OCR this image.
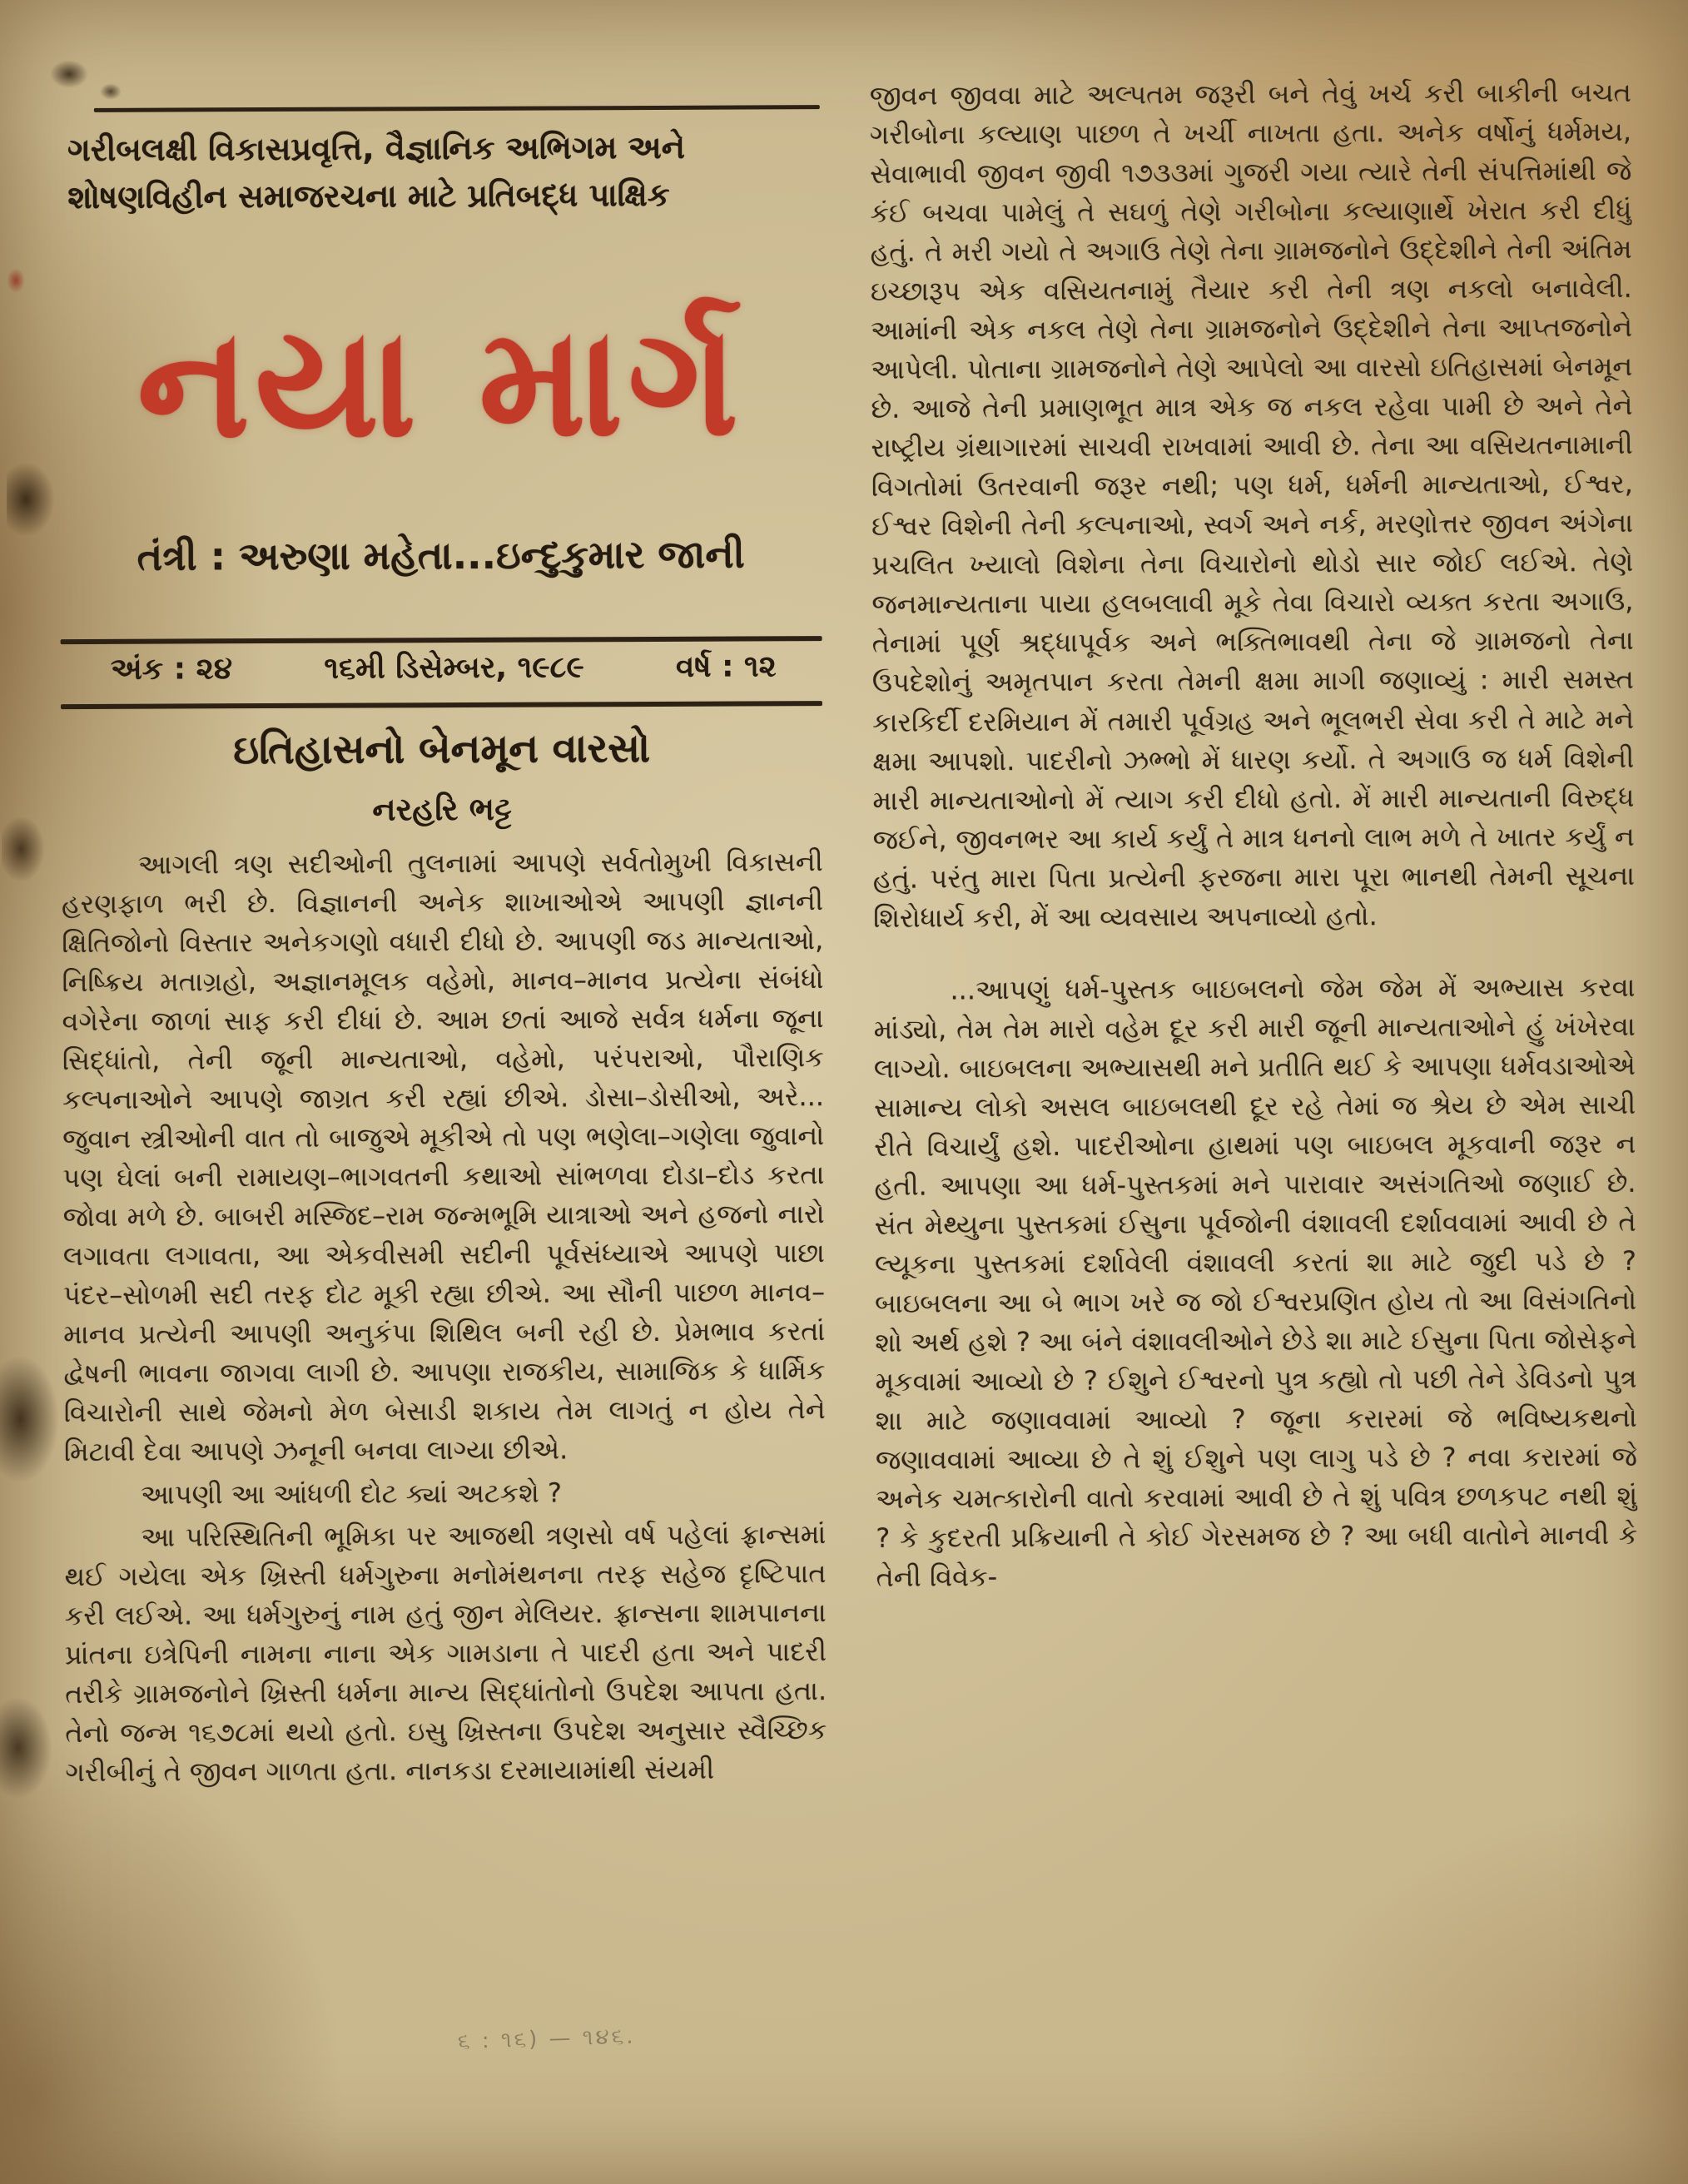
ગરીબલક્ષી વિકાસપ્રવૃત્તિ, વૈજ્ઞાનિક અભિગમ અને
શોષણવિહીન સમાજરચના માટે પ્રતિબદ્ધ પાક્ષિક
નયા માર્ગ
તંત્રી : અરુણા મહેતા...ઇન્દુકુમાર જાની
અંક : ૨૪	૧૬મી ડિસેમ્બર, ૧૯૮૯	વર્ષ : ૧૨
ઇતિહાસનો બેનમૂન વારસો
નરહરિ ભટ્ટ

આગલી ત્રણ સદીઓની તુલનામાં આપણે સર્વતોમુખી વિકાસની હરણફાળ ભરી છે. વિજ્ઞાનની અનેક શાખાઓએ આપણી જ્ઞાનની ક્ષિતિજોનો વિસ્તાર અનેકગણો વધારી દીધો છે. આપણી જડ માન્યતાઓ, નિષ્ક્રિય મતાગ્રહો, અજ્ઞાનમૂલક વહેમો, માનવ–માનવ પ્રત્યેના સંબંધો વગેરેના જાળાં સાફ કરી દીધાં છે. આમ છતાં આજે સર્વત્ર ધર્મના જૂના સિદ્ધાંતો, તેની જૂની માન્યતાઓ, વહેમો, પરંપરાઓ, પૌરાણિક કલ્પનાઓને આપણે જાગ્રત કરી રહ્યાં છીએ. ડોસા–ડોસીઓ, અરે... જુવાન સ્ત્રીઓની વાત તો બાજુએ મૂકીએ તો પણ ભણેલા–ગણેલા જુવાનો પણ ઘેલાં બની રામાયણ–ભાગવતની કથાઓ સાંભળવા દોડા–દોડ કરતા જોવા મળે છે. બાબરી મસ્જિદ–રામ જન્મભૂમિ યાત્રાઓ અને હજનો નારો લગાવતા લગાવતા, આ એકવીસમી સદીની પૂર્વસંધ્યાએ આપણે પાછા પંદર–સોળમી સદી તરફ દોટ મૂકી રહ્યા છીએ. આ સૌની પાછળ માનવ–માનવ પ્રત્યેની આપણી અનુકંપા શિથિલ બની રહી છે. પ્રેમભાવ કરતાં દ્વેષની ભાવના જાગવા લાગી છે. આપણા રાજકીય, સામાજિક કે ધાર્મિક વિચારોની સાથે જેમનો મેળ બેસાડી શકાય તેમ લાગતું ન હોય તેને મિટાવી દેવા આપણે ઝનૂની બનવા લાગ્યા છીએ.

આપણી આ આંધળી દોટ ક્યાં અટકશે ?

આ પરિસ્થિતિની ભૂમિકા પર આજથી ત્રણસો વર્ષ પહેલાં ફ્રાન્સમાં થઈ ગયેલા એક ખ્રિસ્તી ધર્મગુરુના મનોમંથનના તરફ સહેજ દૃષ્ટિપાત કરી લઈએ. આ ધર્મગુરુનું નામ હતું જીન મેલિયર. ફ્રાન્સના શામપાનના પ્રાંતના ઇત્રેપિની નામના નાના એક ગામડાના તે પાદરી હતા અને પાદરી તરીકે ગ્રામજનોને ખ્રિસ્તી ધર્મના માન્ય સિદ્ધાંતોનો ઉપદેશ આપતા હતા. તેનો જન્મ ૧૬૭૮માં થયો હતો. ઇસુ ખ્રિસ્તના ઉપદેશ અનુસાર સ્વૈચ્છિક ગરીબીનું તે જીવન ગાળતા હતા. નાનકડા દરમાયામાંથી સંયમી

જીવન જીવવા માટે અલ્પતમ જરૂરી બને તેવું ખર્ચ કરી બાકીની બચત ગરીબોના કલ્યાણ પાછળ તે ખર્ચી નાખતા હતા. અનેક વર્ષોનું ધર્મમય, સેવાભાવી જીવન જીવી ૧૭૩૩માં ગુજરી ગયા ત્યારે તેની સંપત્તિમાંથી જે કંઈ બચવા પામેલું તે સઘળું તેણે ગરીબોના કલ્યાણાર્થે ખેરાત કરી દીધું હતું. તે મરી ગયો તે અગાઉ તેણે તેના ગ્રામજનોને ઉદ્દેશીને તેની અંતિમ ઇચ્છારૂપ એક વસિયતનામું તૈયાર કરી તેની ત્રણ નકલો બનાવેલી. આમાંની એક નકલ તેણે તેના ગ્રામજનોને ઉદ્દેશીને તેના આપ્તજનોને આપેલી. પોતાના ગ્રામજનોને તેણે આપેલો આ વારસો ઇતિહાસમાં બેનમૂન છે. આજે તેની પ્રમાણભૂત માત્ર એક જ નકલ રહેવા પામી છે અને તેને રાષ્ટ્રીય ગ્રંથાગારમાં સાચવી રાખવામાં આવી છે. તેના આ વસિયતનામાની વિગતોમાં ઉતરવાની જરૂર નથી; પણ ધર્મ, ધર્મની માન્યતાઓ, ઈશ્વર, ઈશ્વર વિશેની તેની કલ્પનાઓ, સ્વર્ગ અને નર્ક, મરણોત્તર જીવન અંગેના પ્રચલિત ખ્યાલો વિશેના તેના વિચારોનો થોડો સાર જોઈ લઈએ. તેણે જનમાન્યતાના પાયા હલબલાવી મૂકે તેવા વિચારો વ્યક્ત કરતા અગાઉ, તેનામાં પૂર્ણ શ્રદ્ધાપૂર્વક અને ભક્તિભાવથી તેના જે ગ્રામજનો તેના ઉપદેશોનું અમૃતપાન કરતા તેમની ક્ષમા માગી જણાવ્યું : મારી સમસ્ત કારકિર્દી દરમિયાન મેં તમારી પૂર્વગ્રહ અને ભૂલભરી સેવા કરી તે માટે મને ક્ષમા આપશો. પાદરીનો ઝભ્ભો મેં ધારણ કર્યો. તે અગાઉ જ ધર્મ વિશેની મારી માન્યતાઓનો મેં ત્યાગ કરી દીધો હતો. મેં મારી માન્યતાની વિરુદ્ધ જઈને, જીવનભર આ કાર્ય કર્યું તે માત્ર ધનનો લાભ મળે તે ખાતર કર્યું ન હતું. પરંતુ મારા પિતા પ્રત્યેની ફરજના મારા પૂરા ભાનથી તેમની સૂચના શિરોધાર્ય કરી, મેં આ વ્યવસાય અપનાવ્યો હતો.

...આપણું ધર્મ-પુસ્તક બાઇબલનો જેમ જેમ મેં અભ્યાસ કરવા માંડ્યો, તેમ તેમ મારો વહેમ દૂર કરી મારી જૂની માન્યતાઓને હું ખંખેરવા લાગ્યો. બાઇબલના અભ્યાસથી મને પ્રતીતિ થઈ કે આપણા ધર્મવડાઓએ સામાન્ય લોકો અસલ બાઇબલથી દૂર રહે તેમાં જ શ્રેય છે એમ સાચી રીતે વિચાર્યું હશે. પાદરીઓના હાથમાં પણ બાઇબલ મૂકવાની જરૂર ન હતી. આપણા આ ધર્મ-પુસ્તકમાં મને પારાવાર અસંગતિઓ જણાઈ છે. સંત મેથ્યુના પુસ્તકમાં ઈસુના પૂર્વજોની વંશાવલી દર્શાવવામાં આવી છે તે લ્યૂકના પુસ્તકમાં દર્શાવેલી વંશાવલી કરતાં શા માટે જુદી પડે છે ? બાઇબલના આ બે ભાગ ખરે જ જો ઈશ્વરપ્રણિત હોય તો આ વિસંગતિનો શો અર્થ હશે ? આ બંને વંશાવલીઓને છેડે શા માટે ઈસુના પિતા જોસેફને મૂકવામાં આવ્યો છે ? ઈશુને ઈશ્વરનો પુત્ર કહ્યો તો પછી તેને ડેવિડનો પુત્ર શા માટે જણાવવામાં આવ્યો ? જૂના કરારમાં જે ભવિષ્યકથનો જણાવવામાં આવ્યા છે તે શું ઈશુને પણ લાગુ પડે છે ? નવા કરારમાં જે અનેક ચમત્કારોની વાતો કરવામાં આવી છે તે શું પવિત્ર છળકપટ નથી શું ? કે કુદરતી પ્રક્રિયાની તે કોઈ ગેરસમજ છે ? આ બધી વાતોને માનવી કે તેની વિવેક-

૬ : ૧૬) — ૧૪૬.
